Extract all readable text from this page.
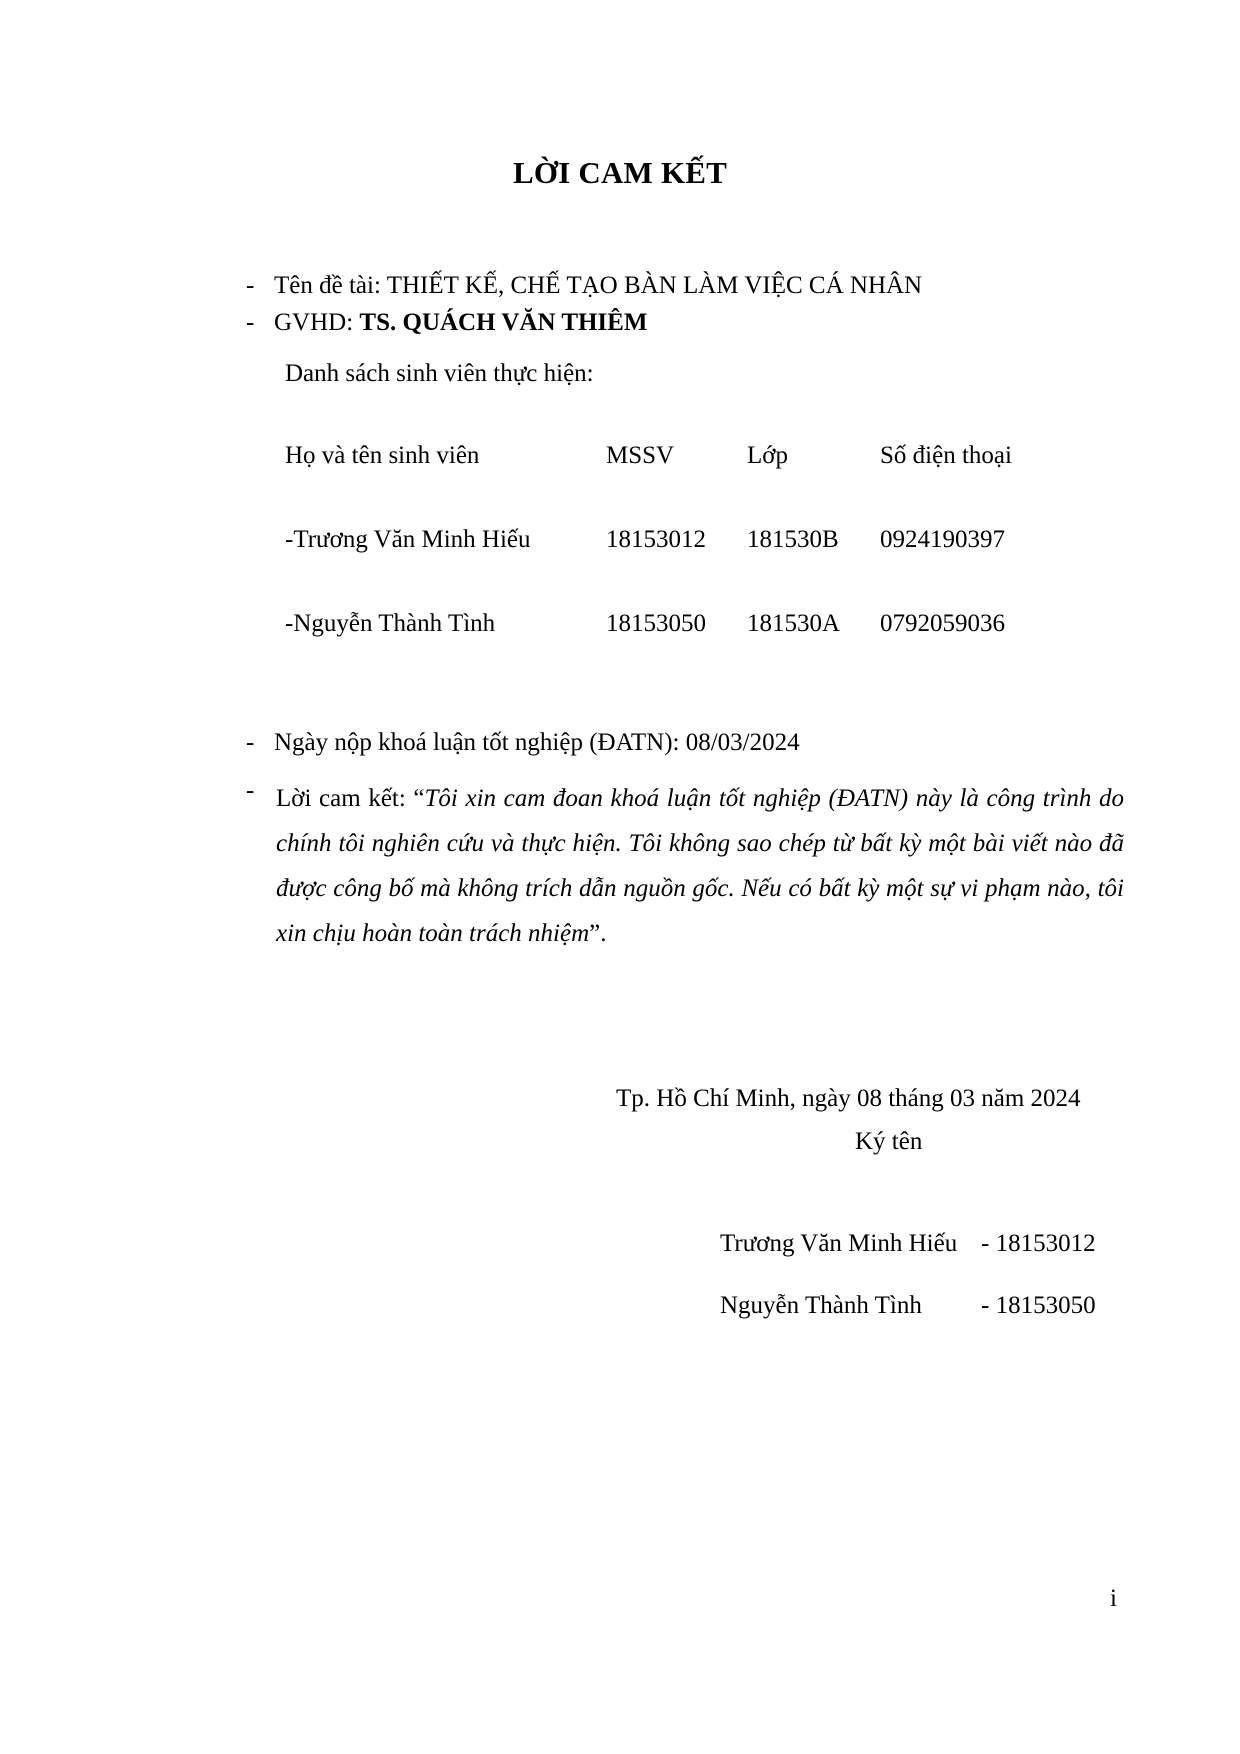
LỜI CAM KẾT
- Tên đề tài: THIẾT KẾ, CHẾ TẠO BÀN LÀM VIỆC CÁ NHÂN
- GVHD: TS. QUÁCH VĂN THIÊM
Danh sách sinh viên thực hiện:
Họ và tên sinh viên	MSSV	Lớp	Số điện thoại
-Trương Văn Minh Hiếu	18153012 181530B 0924190397
-Nguyễn Thành Tình	18153050 181530A 0792059036
- Ngày nộp khoá luận tốt nghiệp (ĐATN): 08/03/2024
- Lời cam kết: “Tôi xin cam đoan khoá luận tốt nghiệp (ĐATN) này là công trình do chính tôi nghiên cứu và thực hiện. Tôi không sao chép từ bất kỳ một bài viết nào đã được công bố mà không trích dẫn nguồn gốc. Nếu có bất kỳ một sự vi phạm nào, tôi xin chịu hoàn toàn trách nhiệm”.
Tp. Hồ Chí Minh, ngày 08 tháng 03 năm 2024
Ký tên
Trương Văn Minh Hiếu - 18153012
Nguyễn Thành Tình - 18153050
i
